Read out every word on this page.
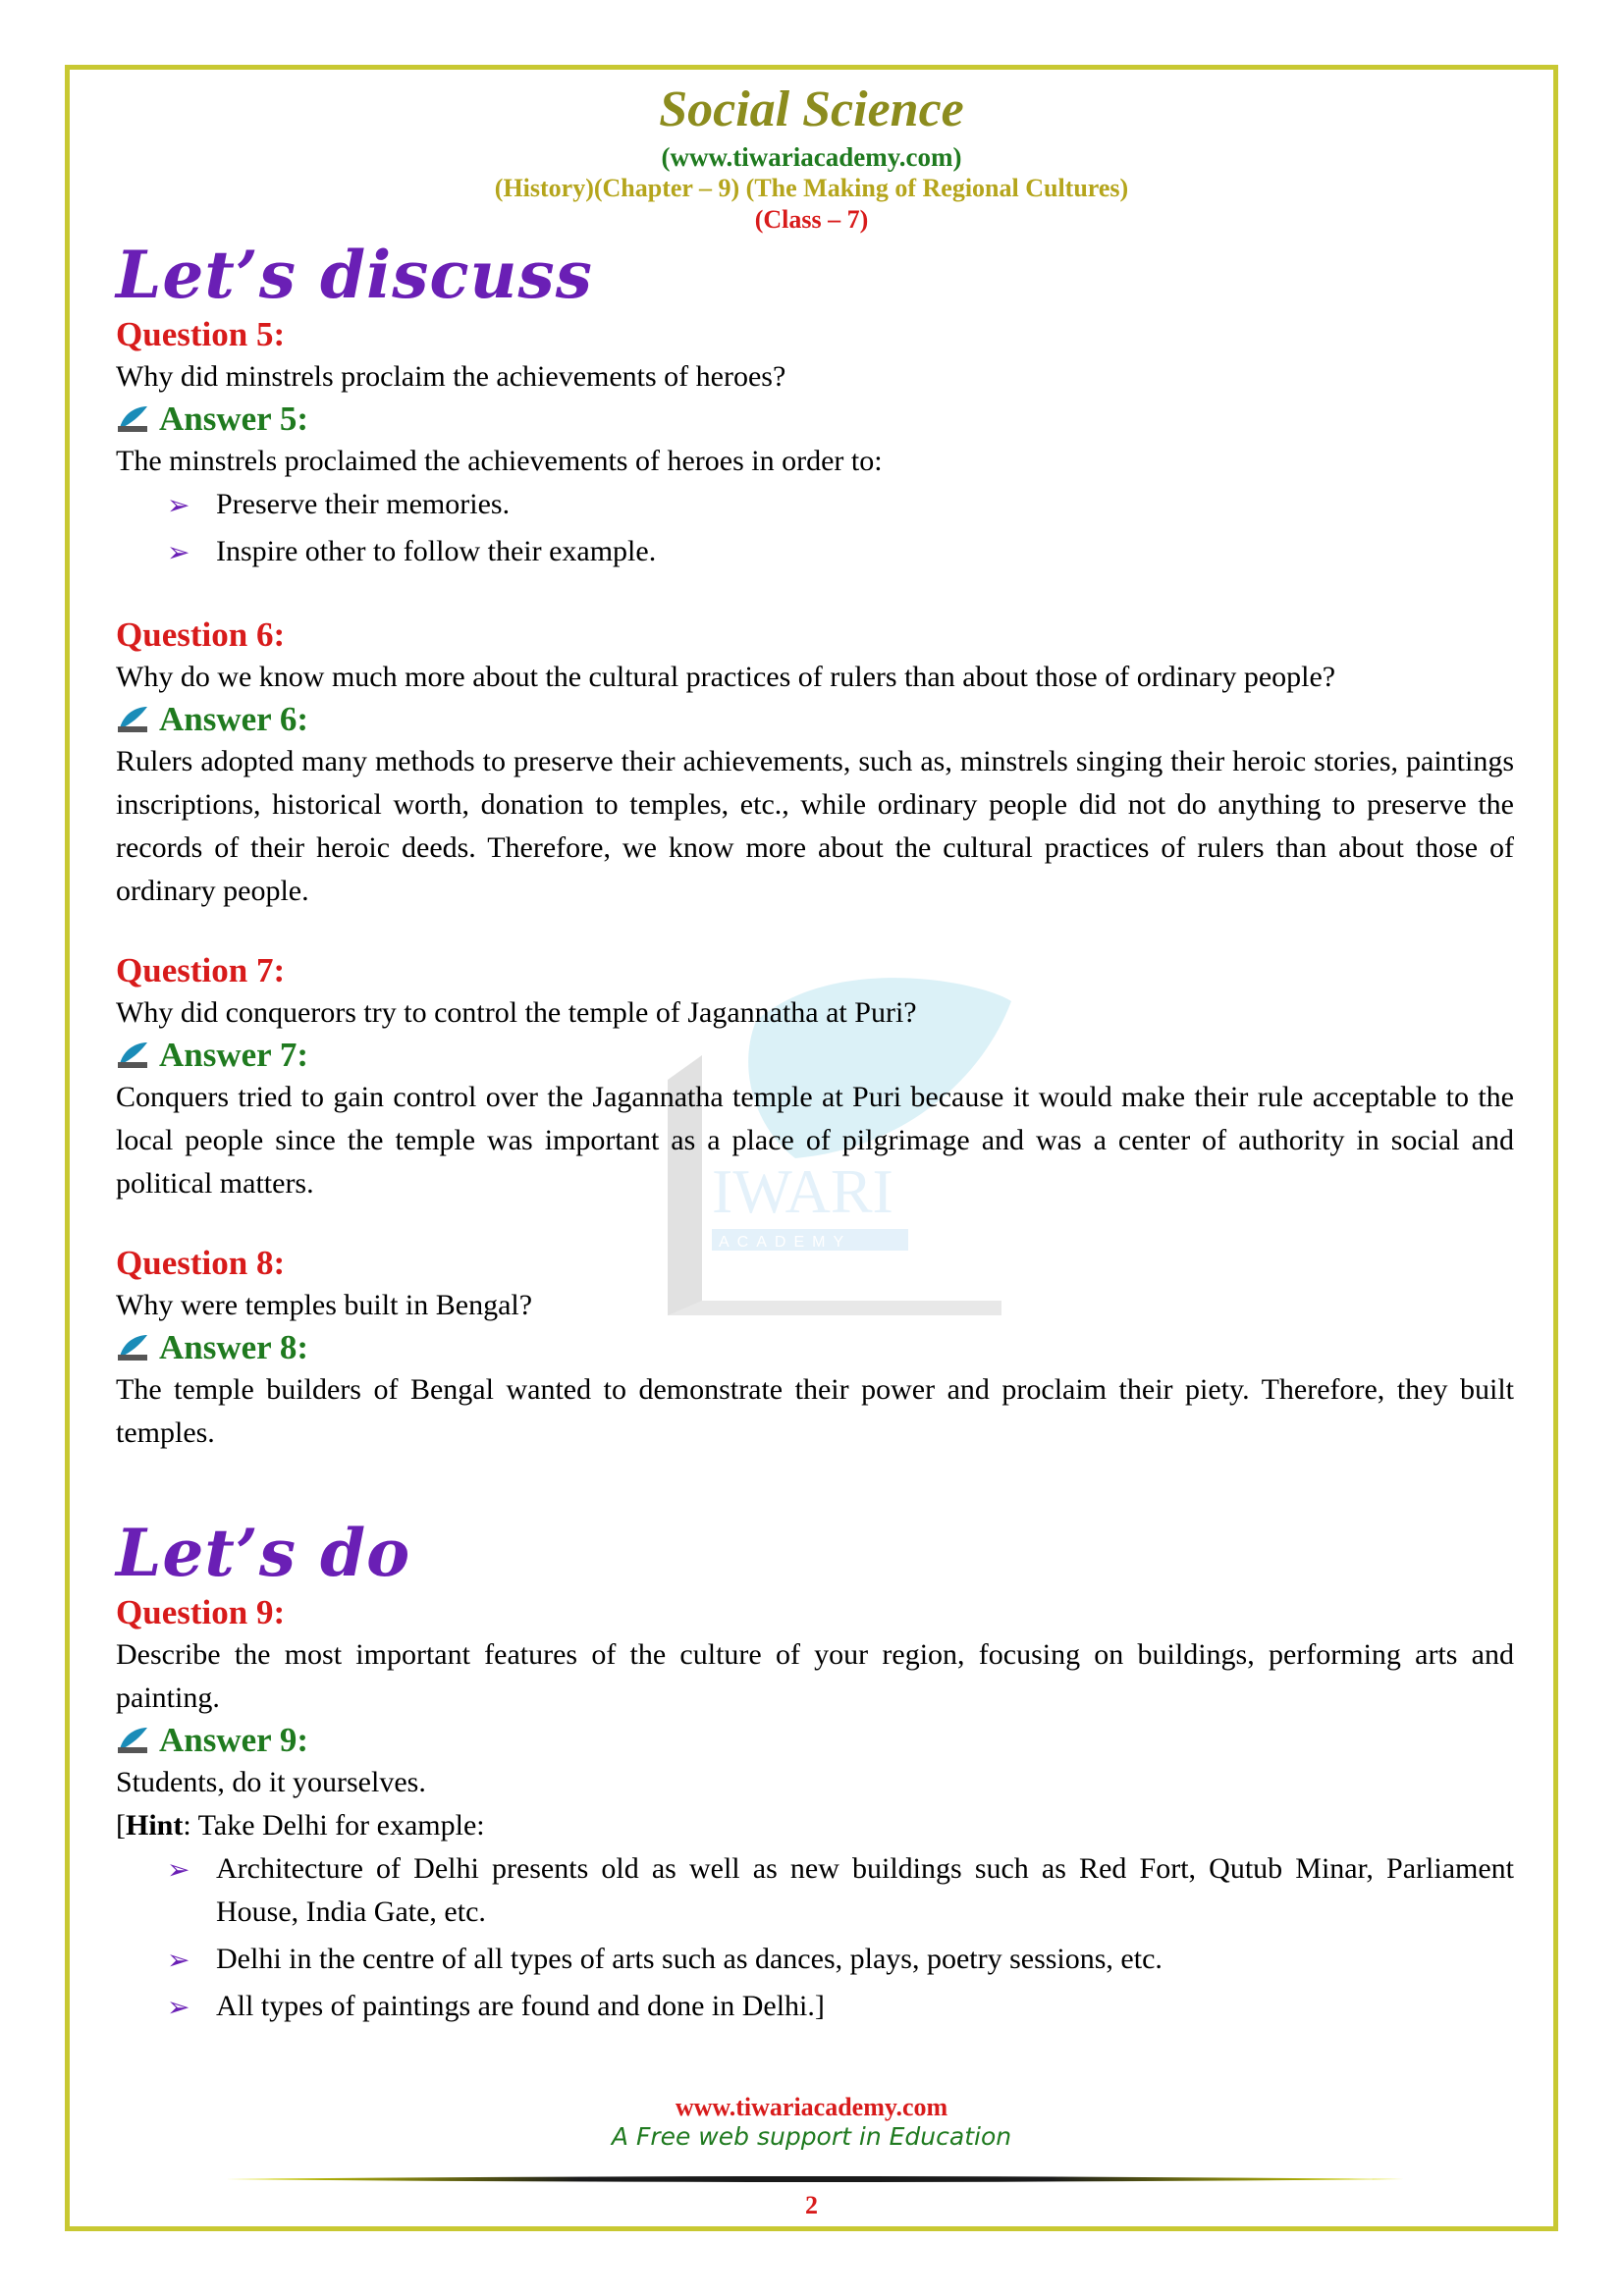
IWARI
ACADEMY
Social Science
(www.tiwariacademy.com)
(History)(Chapter – 9) (The Making of Regional Cultures)
(Class – 7)
Let’s discuss
Question 5:

Why did minstrels proclaim the achievements of heroes?

Answer 5:

The minstrels proclaimed the achievements of heroes in order to:

➢ Preserve their memories.
➢ Inspire other to follow their example.
Question 6:

Why do we know much more about the cultural practices of rulers than about those of ordinary people?

Answer 6:

Rulers adopted many methods to preserve their achievements, such as, minstrels singing their heroic stories, paintings inscriptions, historical worth, donation to temples, etc., while ordinary people did not do anything to preserve the records of their heroic deeds. Therefore, we know more about the cultural practices of rulers than about those of ordinary people.

Question 7:

Why did conquerors try to control the temple of Jagannatha at Puri?

Answer 7:

Conquers tried to gain control over the Jagannatha temple at Puri because it would make their rule acceptable to the local people since the temple was important as a place of pilgrimage and was a center of authority in social and political matters.

Question 8:

Why were temples built in Bengal?

Answer 8:

The temple builders of Bengal wanted to demonstrate their power and proclaim their piety. Therefore, they built temples.

Let’s do
Question 9:

Describe the most important features of the culture of your region, focusing on buildings, performing arts and painting.

Answer 9:

Students, do it yourselves.

[Hint: Take Delhi for example:

➢ Architecture of Delhi presents old as well as new buildings such as Red Fort, Qutub Minar, Parliament House, India Gate, etc.
➢ Delhi in the centre of all types of arts such as dances, plays, poetry sessions, etc.
➢ All types of paintings are found and done in Delhi.]
www.tiwariacademy.com
A Free web support in Education
2
